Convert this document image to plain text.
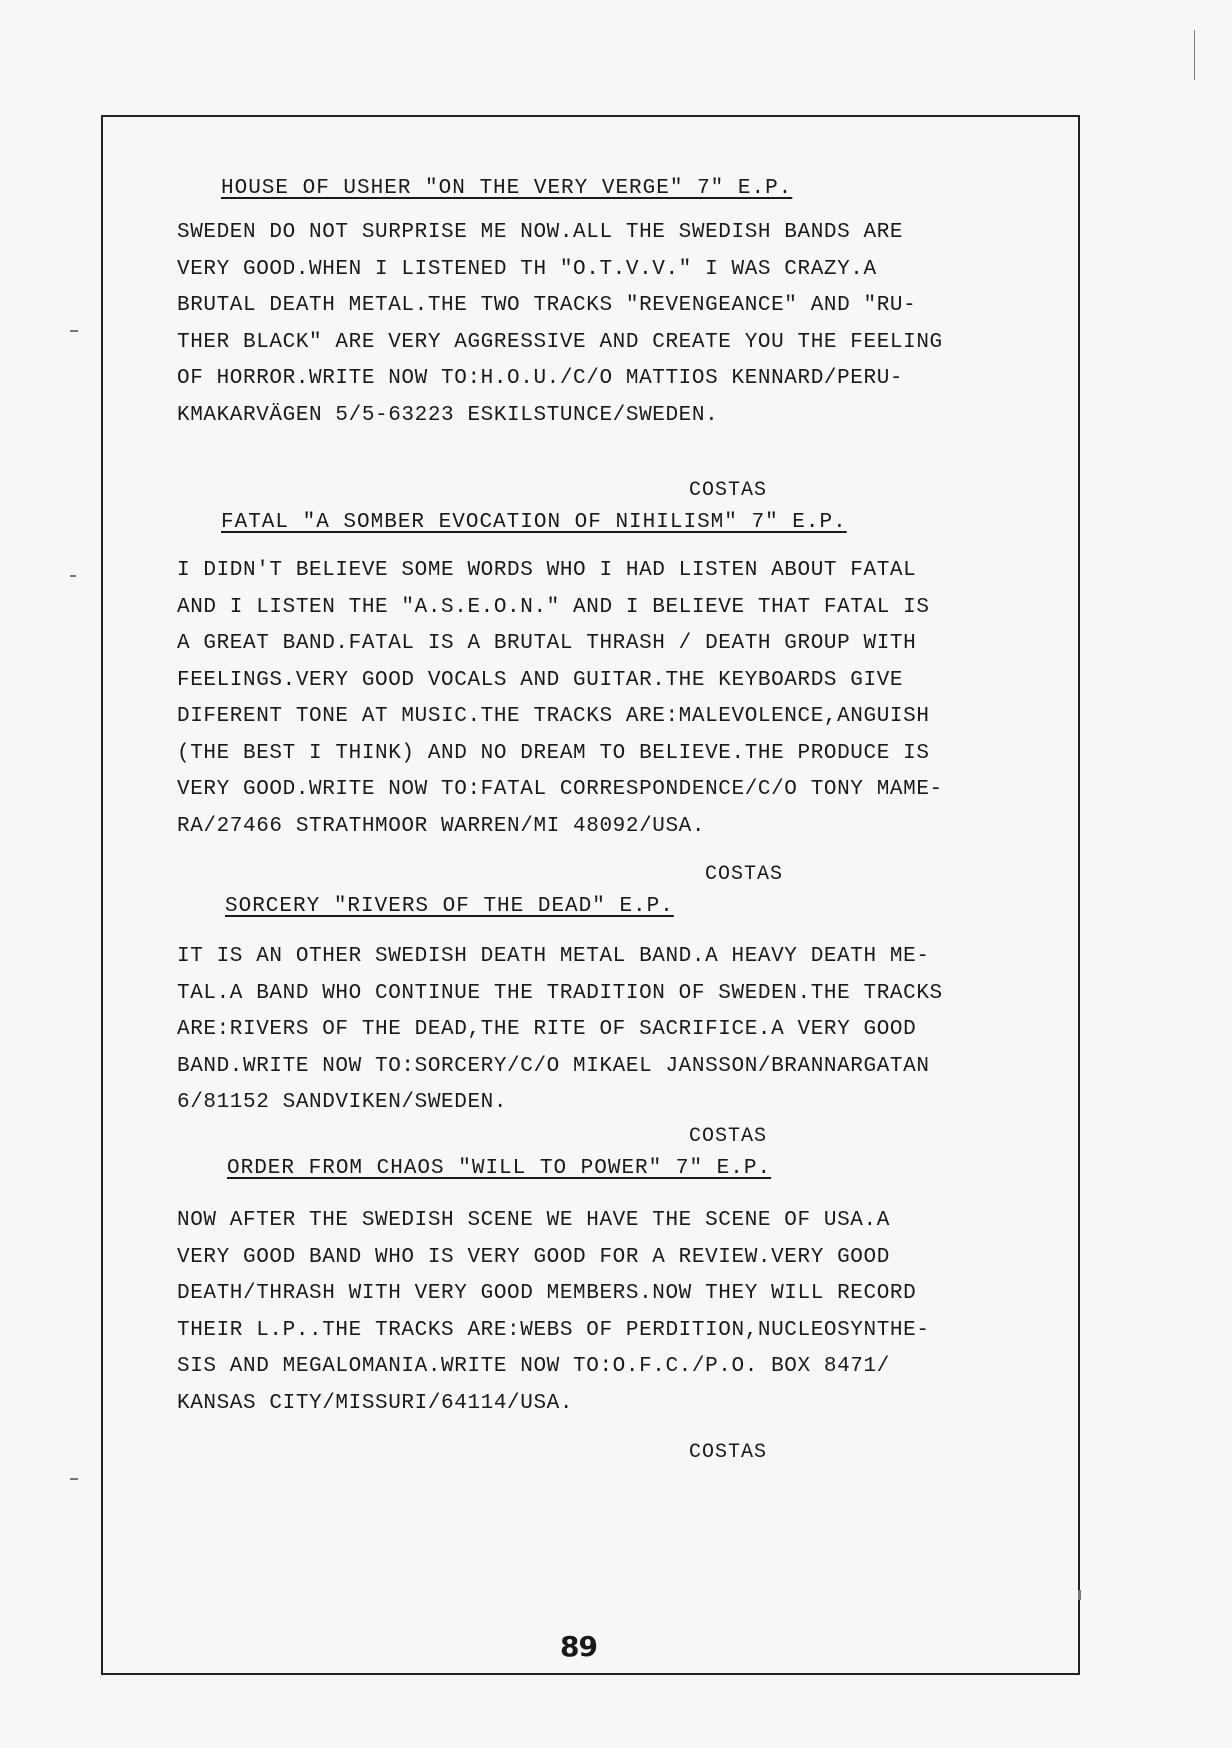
HOUSE OF USHER "ON THE VERY VERGE" 7" E.P.

SWEDEN DO NOT SURPRISE ME NOW.ALL THE SWEDISH BANDS ARE

VERY GOOD.WHEN I LISTENED TH "O.T.V.V." I WAS CRAZY.A

BRUTAL DEATH METAL.THE TWO TRACKS "REVENGEANCE" AND "RU-

THER BLACK" ARE VERY AGGRESSIVE AND CREATE YOU THE FEELING

OF HORROR.WRITE NOW TO:H.O.U./C/O MATTIOS KENNARD/PERU-

KMAKARVÄGEN 5/5-63223 ESKILSTUNCE/SWEDEN.

COSTAS
FATAL "A SOMBER EVOCATION OF NIHILISM" 7" E.P.

I DIDN'T BELIEVE SOME WORDS WHO I HAD LISTEN ABOUT FATAL

AND I LISTEN THE "A.S.E.O.N." AND I BELIEVE THAT FATAL IS

A GREAT BAND.FATAL IS A BRUTAL THRASH / DEATH GROUP WITH

FEELINGS.VERY GOOD VOCALS AND GUITAR.THE KEYBOARDS GIVE

DIFERENT TONE AT MUSIC.THE TRACKS ARE:MALEVOLENCE,ANGUISH

(THE BEST I THINK) AND NO DREAM TO BELIEVE.THE PRODUCE IS

VERY GOOD.WRITE NOW TO:FATAL CORRESPONDENCE/C/O TONY MAME-

RA/27466 STRATHMOOR WARREN/MI 48092/USA.

COSTAS
SORCERY "RIVERS OF THE DEAD" E.P.

IT IS AN OTHER SWEDISH DEATH METAL BAND.A HEAVY DEATH ME-

TAL.A BAND WHO CONTINUE THE TRADITION OF SWEDEN.THE TRACKS

ARE:RIVERS OF THE DEAD,THE RITE OF SACRIFICE.A VERY GOOD

BAND.WRITE NOW TO:SORCERY/C/O MIKAEL JANSSON/BRANNARGATAN

6/81152 SANDVIKEN/SWEDEN.

COSTAS
ORDER FROM CHAOS "WILL TO POWER" 7" E.P.

NOW AFTER THE SWEDISH SCENE WE HAVE THE SCENE OF USA.A

VERY GOOD BAND WHO IS VERY GOOD FOR A REVIEW.VERY GOOD

DEATH/THRASH WITH VERY GOOD MEMBERS.NOW THEY WILL RECORD

THEIR L.P..THE TRACKS ARE:WEBS OF PERDITION,NUCLEOSYNTHE-

SIS AND MEGALOMANIA.WRITE NOW TO:O.F.C./P.O. BOX 8471/

KANSAS CITY/MISSURI/64114/USA.

COSTAS
89
